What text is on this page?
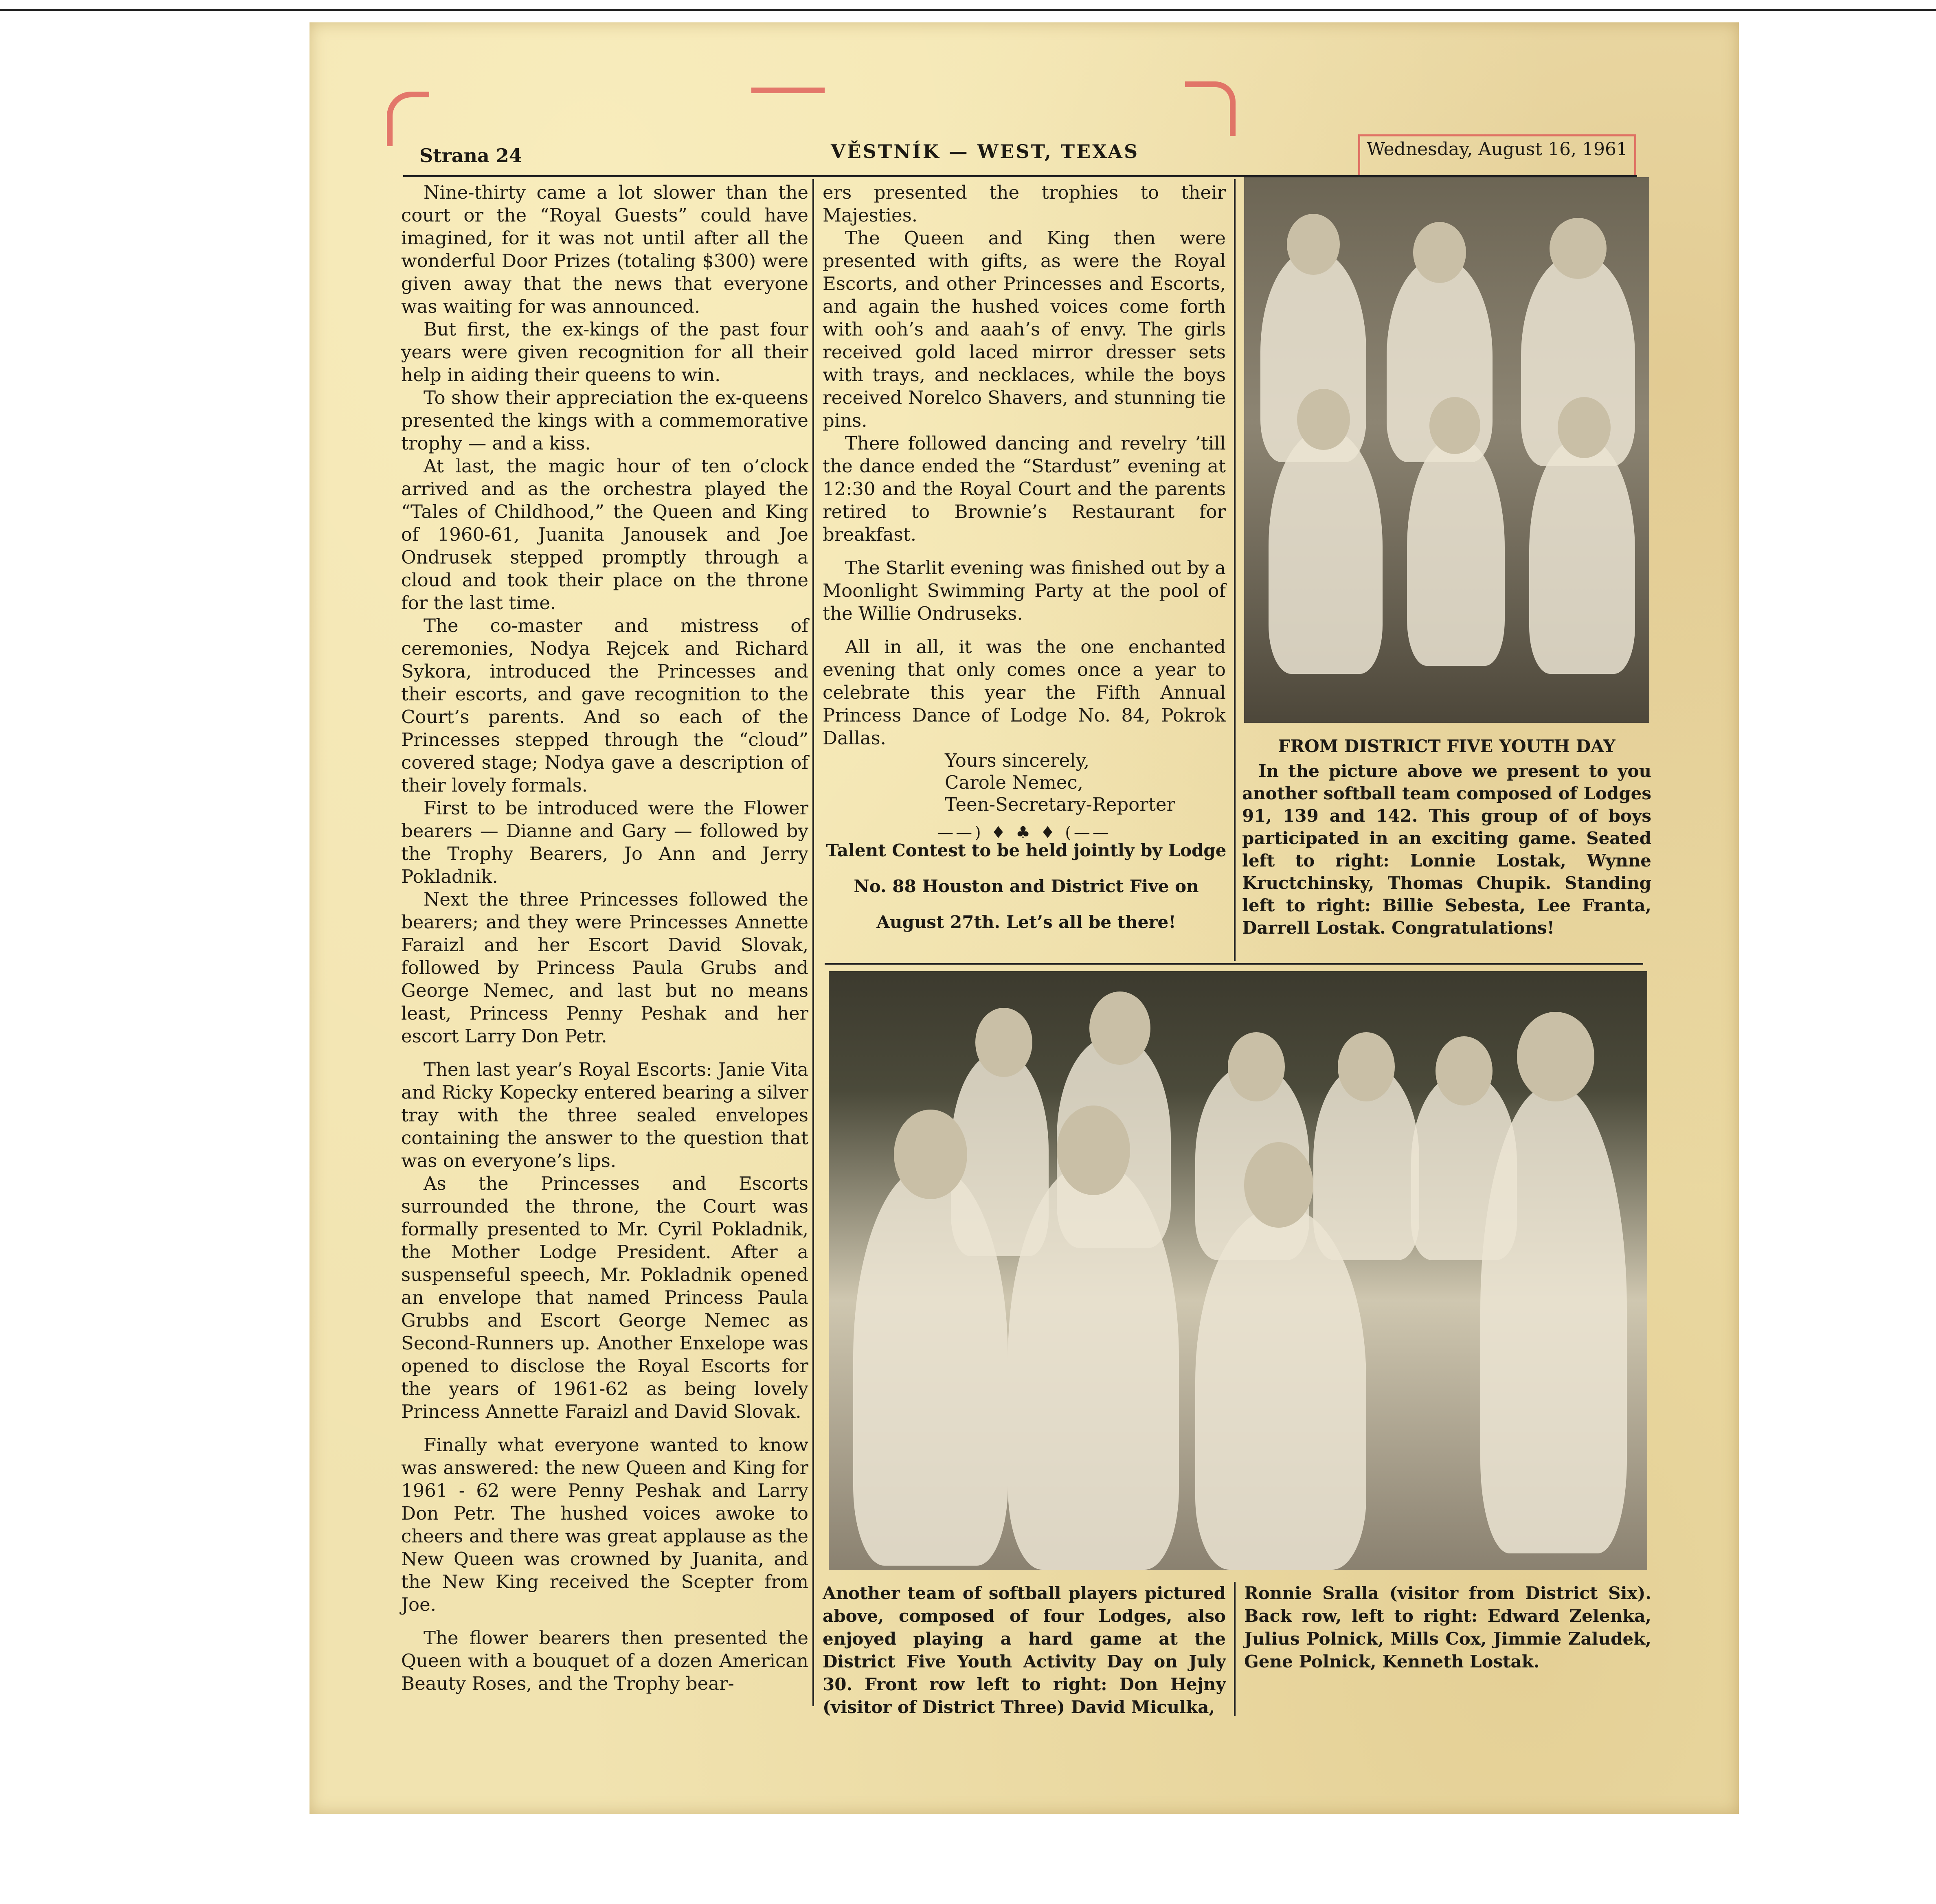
Strana 24	VĚSTNÍK — WEST, TEXAS	Wednesday, August 16, 1961

Nine-thirty came a lot slower than the court or the “Royal Guests” could have imagined, for it was not until after all the wonderful Door Prizes (totaling $300) were given away that the news that everyone was waiting for was announced.

But first, the ex-kings of the past four years were given recognition for all their help in aiding their queens to win.

To show their appreciation the ex-queens presented the kings with a commemorative trophy — and a kiss.

At last, the magic hour of ten o’clock arrived and as the orchestra played the “Tales of Childhood,” the Queen and King of 1960-61, Juanita Janousek and Joe Ondrusek stepped promptly through a cloud and took their place on the throne for the last time.

The co-master and mistress of ceremonies, Nodya Rejcek and Richard Sykora, introduced the Princesses and their escorts, and gave recognition to the Court’s parents. And so each of the Princesses stepped through the “cloud” covered stage; Nodya gave a description of their lovely formals.

First to be introduced were the Flower bearers — Dianne and Gary — followed by the Trophy Bearers, Jo Ann and Jerry Pokladnik.

Next the three Princesses followed the bearers; and they were Princesses Annette Faraizl and her Escort David Slovak, followed by Princess Paula Grubs and George Nemec, and last but no means least, Princess Penny Peshak and her escort Larry Don Petr.

Then last year’s Royal Escorts: Janie Vita and Ricky Kopecky entered bearing a silver tray with the three sealed envelopes containing the answer to the question that was on everyone’s lips.

As the Princesses and Escorts surrounded the throne, the Court was formally presented to Mr. Cyril Pokladnik, the Mother Lodge President. After a suspenseful speech, Mr. Pokladnik opened an envelope that named Princess Paula Grubbs and Escort George Nemec as Second-Runners up. Another Enxelope was opened to disclose the Royal Escorts for the years of 1961-62 as being lovely Princess Annette Faraizl and David Slovak.

Finally what everyone wanted to know was answered: the new Queen and King for 1961 - 62 were Penny Peshak and Larry Don Petr. The hushed voices awoke to cheers and there was great applause as the New Queen was crowned by Juanita, and the New King received the Scepter from Joe.

The flower bearers then presented the Queen with a bouquet of a dozen American Beauty Roses, and the Trophy bear-

ers presented the trophies to their Majesties.

The Queen and King then were presented with gifts, as were the Royal Escorts, and other Princesses and Escorts, and again the hushed voices come forth with ooh’s and aaah’s of envy. The girls received gold laced mirror dresser sets with trays, and necklaces, while the boys received Norelco Shavers, and stunning tie pins.

There followed dancing and revelry ’till the dance ended the “Stardust” evening at 12:30 and the Royal Court and the parents retired to Brownie’s Restaurant for breakfast.

The Starlit evening was finished out by a Moonlight Swimming Party at the pool of the Willie Ondruseks.

All in all, it was the one enchanted evening that only comes once a year to celebrate this year the Fifth Annual Princess Dance of Lodge No. 84, Pokrok Dallas.

Yours sincerely,
Carole Nemec,
Teen-Secretary-Reporter
——) ♦ ♣ ♦ (——
Talent Contest to be held jointly by Lodge No. 88 Houston and District Five on August 27th. Let’s all be there!
FROM DISTRICT FIVE YOUTH DAY
In the picture above we present to you another softball team composed of Lodges 91, 139 and 142. This group of of boys participated in an exciting game. Seated left to right: Lonnie Lostak, Wynne Kructchinsky, Thomas Chupik. Standing left to right: Billie Sebesta, Lee Franta, Darrell Lostak. Congratulations!
Another team of softball players pictured above, composed of four Lodges, also enjoyed playing a hard game at the District Five Youth Activity Day on July 30. Front row left to right: Don Hejny (visitor of District Three) David Miculka,
Ronnie Sralla (visitor from District Six). Back row, left to right: Edward Zelenka, Julius Polnick, Mills Cox, Jimmie Zaludek, Gene Polnick, Kenneth Lostak.
